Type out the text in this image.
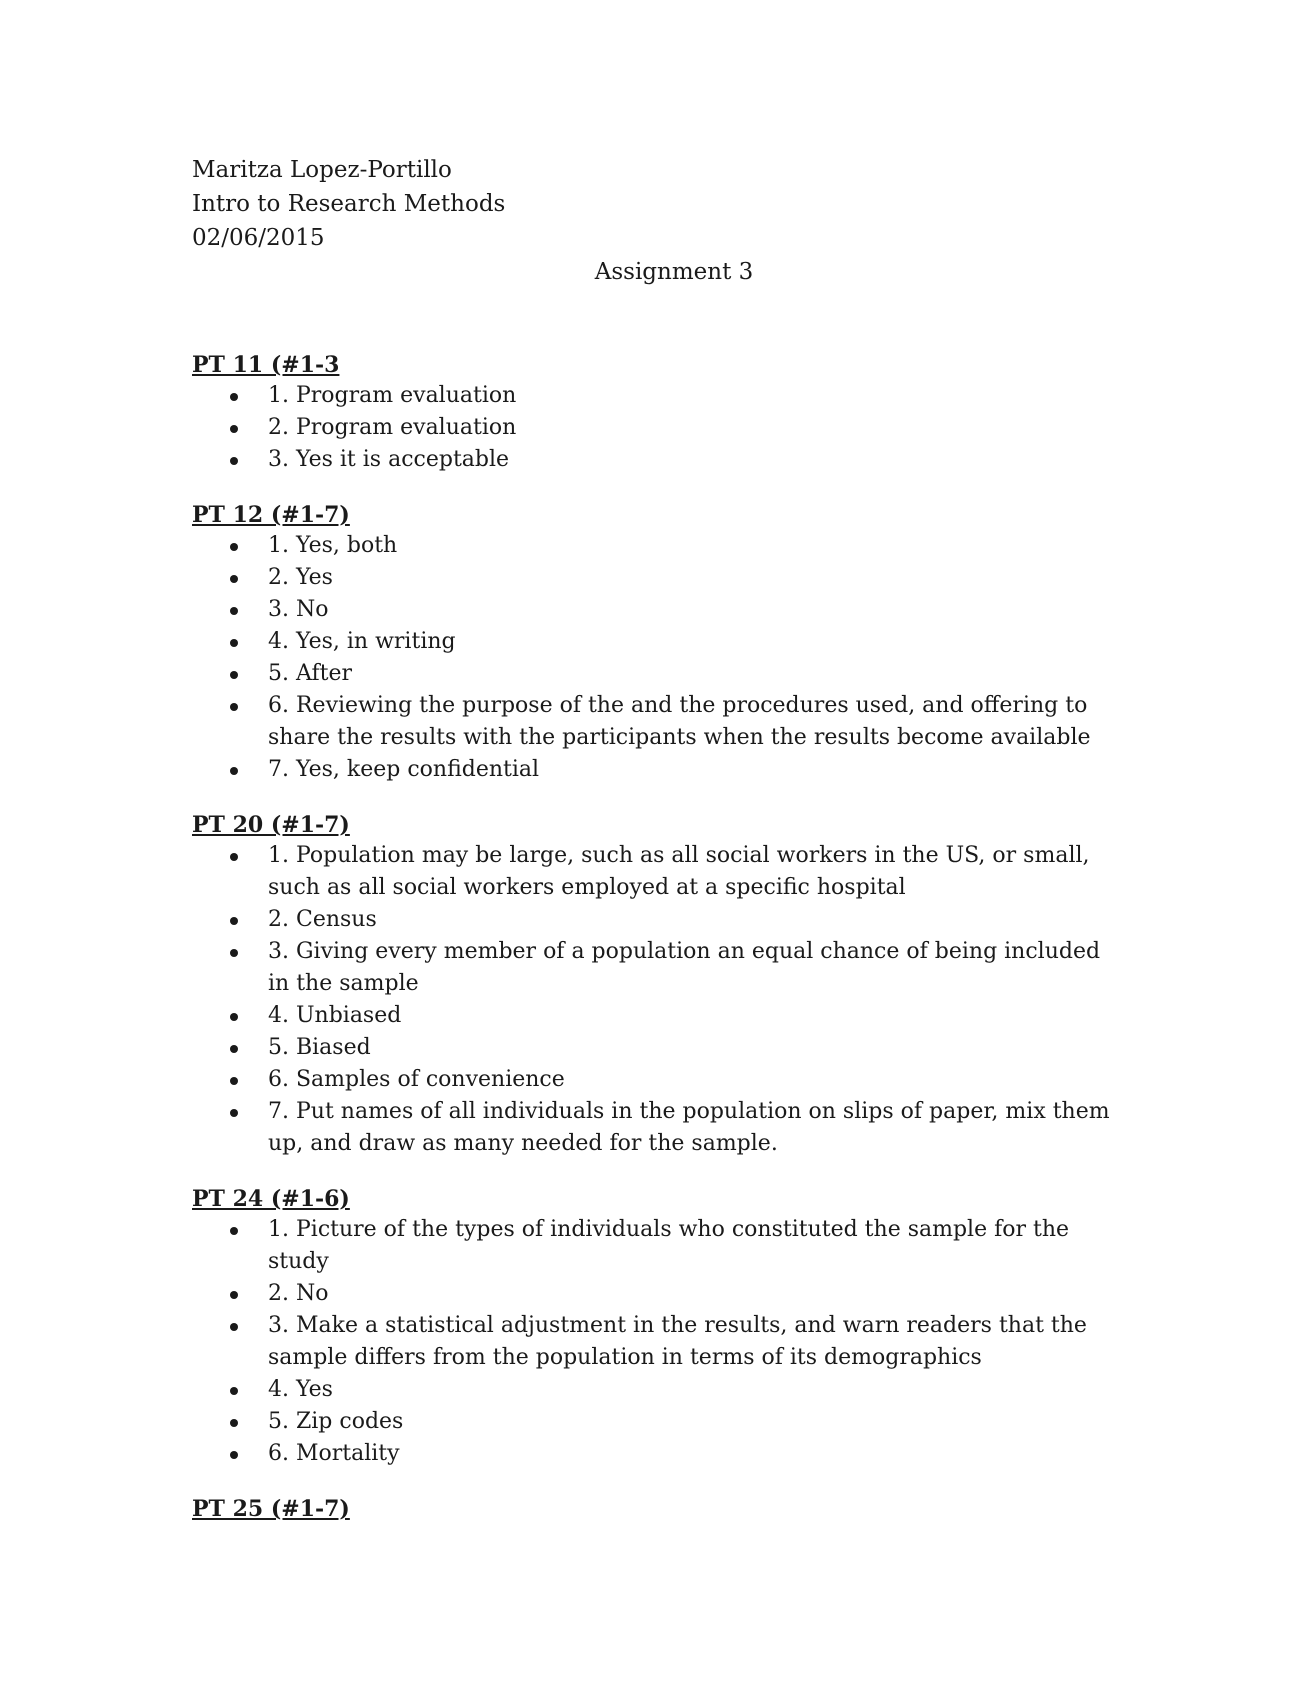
Maritza Lopez-Portillo
Intro to Research Methods
02/06/2015
Assignment 3
PT 11 (#1-3
1. Program evaluation
2. Program evaluation
3. Yes it is acceptable
PT 12 (#1-7)
1. Yes, both
2. Yes
3. No
4. Yes, in writing
5. After
6. Reviewing the purpose of the and the procedures used, and offering to share the results with the participants when the results become available
7. Yes, keep confidential
PT 20 (#1-7)
1. Population may be large, such as all social workers in the US, or small, such as all social workers employed at a specific hospital
2. Census
3. Giving every member of a population an equal chance of being included in the sample
4. Unbiased
5. Biased
6. Samples of convenience
7. Put names of all individuals in the population on slips of paper, mix them up, and draw as many needed for the sample.
PT 24 (#1-6)
1. Picture of the types of individuals who constituted the sample for the study
2. No
3. Make a statistical adjustment in the results, and warn readers that the sample differs from the population in terms of its demographics
4. Yes
5. Zip codes
6. Mortality
PT 25 (#1-7)
